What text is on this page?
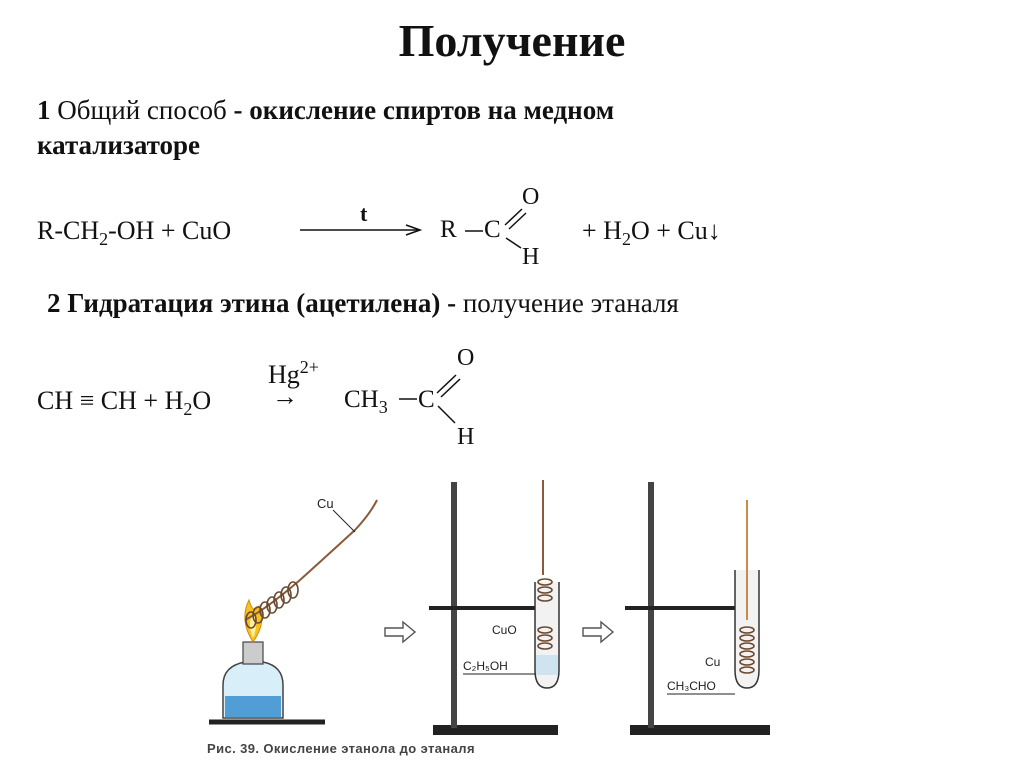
Получение
1 Общий способ - окисление спиртов на медном
катализаторе
$R-CH_2-OH$ + CuO
t
R C
O
H
+ $H_2O$ + Cu↓
2 Гидратация этина (ацетилена) - получение этаналя
CH ≡ CH + $H_2O$ →
$Hg^{2+}$
$CH_3$ C
O
H
Cu
CuO
C₂H₅OH	Cu
CH₃CHO
Рис. 39. Окисление этанола до этаналя
